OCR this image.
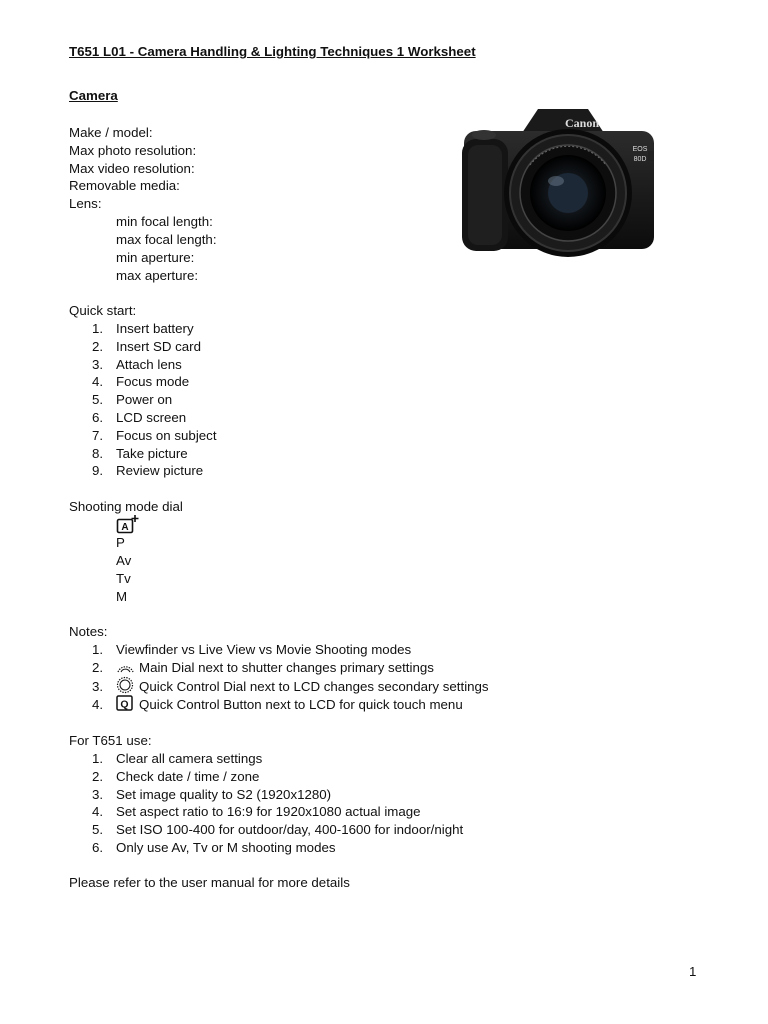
T651 L01 - Camera Handling & Lighting Techniques 1 Worksheet
Camera
Make / model:
Max photo resolution:
Max video resolution:
Removable media:
Lens:
min focal length:
max focal length:
min aperture:
max aperture:
Canon
EOS
80D
Quick start:
1. Insert battery
2. Insert SD card
3. Attach lens
4. Focus mode
5. Power on
6. LCD screen
7. Focus on subject
8. Take picture
9. Review picture
Shooting mode dial
A
P
Av
Tv
M
Notes:
1. Viewfinder vs Live View vs Movie Shooting modes
2.	Main Dial next to shutter changes primary settings
3.	Quick Control Dial next to LCD changes secondary settings
4. Q Quick Control Button next to LCD for quick touch menu
For T651 use:
1. Clear all camera settings
2. Check date / time / zone
3. Set image quality to S2 (1920x1280)
4. Set aspect ratio to 16:9 for 1920x1080 actual image
5. Set ISO 100-400 for outdoor/day, 400-1600 for indoor/night
6. Only use Av, Tv or M shooting modes
Please refer to the user manual for more details
1
